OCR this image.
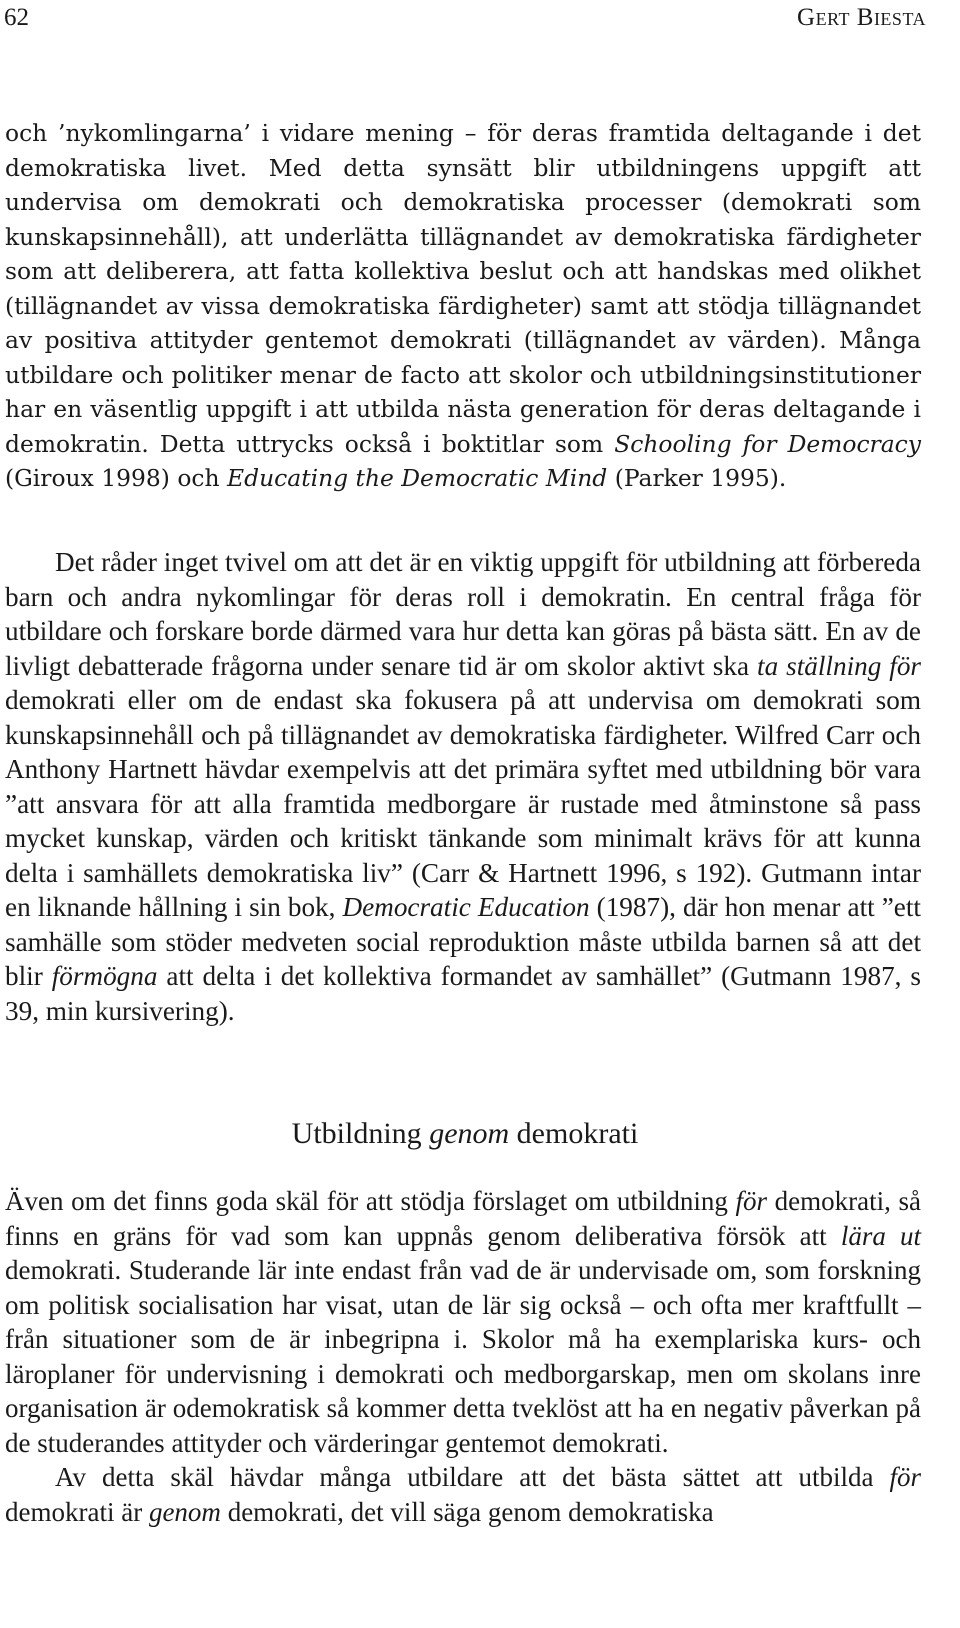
62	Gert Biesta

och ’nykomlingarna’ i vidare mening – för deras framtida deltagande i det demokratiska livet. Med detta synsätt blir utbildningens uppgift att undervisa om demokrati och demokratiska processer (demokrati som kunskapsinnehåll), att underlätta tillägnandet av demokratiska färdigheter som att deliberera, att fatta kollektiva beslut och att handskas med olikhet (tillägnandet av vissa demokratiska färdigheter) samt att stödja tillägnandet av positiva attityder gentemot demokrati (tillägnandet av värden). Många utbildare och politiker menar de facto att skolor och utbildningsinstitutioner har en väsentlig uppgift i att utbilda nästa generation för deras deltagande i demokratin. Detta uttrycks också i boktitlar som Schooling for Democracy (Giroux 1998) och Educating the Democratic Mind (Parker 1995).

Det råder inget tvivel om att det är en viktig uppgift för utbildning att förbereda barn och andra nykomlingar för deras roll i demokratin. En central fråga för utbildare och forskare borde därmed vara hur detta kan göras på bästa sätt. En av de livligt debatterade frågorna under senare tid är om skolor aktivt ska ta ställning för demokrati eller om de endast ska fokusera på att undervisa om demokrati som kunskapsinnehåll och på tillägnandet av demokratiska färdigheter. Wilfred Carr och Anthony Hartnett hävdar exempelvis att det primära syftet med utbildning bör vara ”att ansvara för att alla framtida medborgare är rustade med åtminstone så pass mycket kunskap, värden och kritiskt tänkande som minimalt krävs för att kunna delta i samhällets demokratiska liv” (Carr & Hartnett 1996, s 192). Gutmann intar en liknande hållning i sin bok, Democratic Education (1987), där hon menar att ”ett samhälle som stöder medveten social reproduktion måste utbilda barnen så att det blir förmögna att delta i det kollektiva formandet av samhället” (Gutmann 1987, s 39, min kursivering).

Utbildning genom demokrati

Även om det finns goda skäl för att stödja förslaget om utbildning för demokrati, så finns en gräns för vad som kan uppnås genom deliberativa försök att lära ut demokrati. Studerande lär inte endast från vad de är undervisade om, som forskning om politisk socialisation har visat, utan de lär sig också – och ofta mer kraftfullt – från situationer som de är inbegripna i. Skolor må ha exemplariska kurs- och läroplaner för undervisning i demokrati och medborgarskap, men om skolans inre organisation är odemokratisk så kommer detta tveklöst att ha en negativ påverkan på de studerandes attityder och värderingar gentemot demokrati.

Av detta skäl hävdar många utbildare att det bästa sättet att utbilda för demokrati är genom demokrati, det vill säga genom demokratiska
